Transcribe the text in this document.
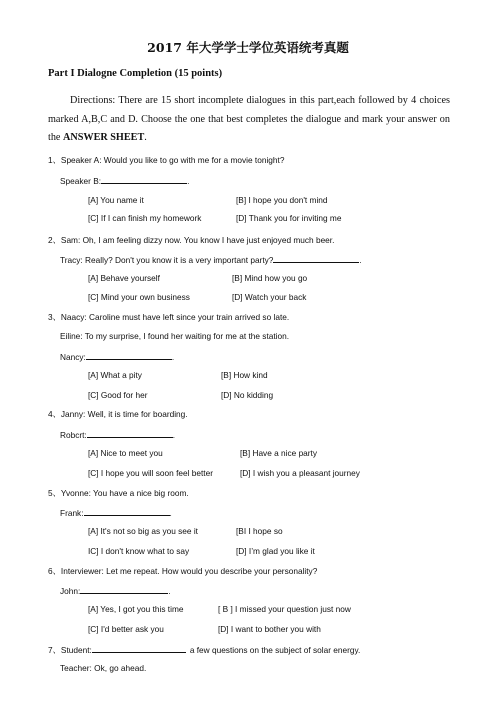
2017 年大学学士学位英语统考真题
Part I Dialogne Completion (15 points)
Directions: There are 15 short incomplete dialogues in this part,each followed by 4 choices marked A,B,C and D. Choose the one that best completes the dialogue and mark your answer on the ANSWER SHEET.
1、Speaker A: Would you like to go with me for a movie tonight?
Speaker B:	.
[A] You name it	[B] I hope you don't mind
[C] If I can finish my homework	[D] Thank you for inviting me
2、Sam: Oh, I am feeling dizzy now. You know I have just enjoyed much beer.
Tracy: Really? Don't you know it is a very important party?	.
[A] Behave yourself	[B] Mind how you go
[C] Mind your own business	[D] Watch your back
3、Naacy: Caroline must have left since your train arrived so late.
Eiline: To my surprise, I found her waiting for me at the station.
Nancy:	.
[A] What a pity	[B] How kind
[C] Good for her	[D] No kidding
4、Janny: Well, it is time for boarding.
Robcrt:	.
[A] Nice to meet you	[B] Have a nice party
[C] I hope you will soon feel better	[D] I wish you a pleasant journey
5、Yvonne: You have a nice big room.
Frank:	.
[A] It's not so big as you see it	[BI I hope so
IC] I don't know what to say	[D] I’m glad you like it
6、Interviewer: Let me repeat. How would you describe your personality?
John:	.
[A] Yes, I got you this time	[ B ] I missed your question just now
[C] I'd better ask you	[D] I want to bother you with
7、Student:	a few questions on the subject of solar energy.
Teacher: Ok, go ahead.
